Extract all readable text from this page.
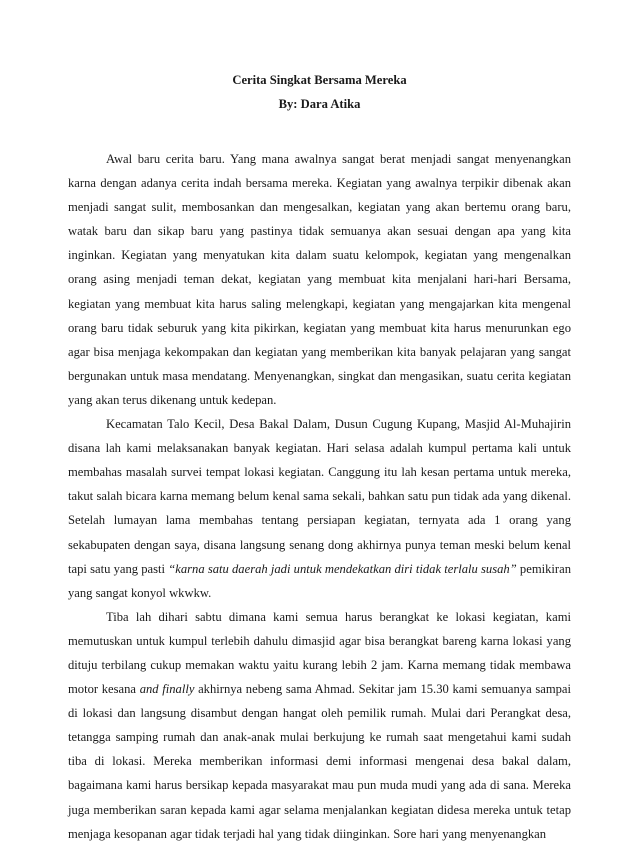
Cerita Singkat Bersama Mereka

By: Dara Atika

Awal baru cerita baru. Yang mana awalnya sangat berat menjadi sangat menyenangkan karna dengan adanya cerita indah bersama mereka. Kegiatan yang awalnya terpikir dibenak akan menjadi sangat sulit, membosankan dan mengesalkan, kegiatan yang akan bertemu orang baru, watak baru dan sikap baru yang pastinya tidak semuanya akan sesuai dengan apa yang kita inginkan. Kegiatan yang menyatukan kita dalam suatu kelompok, kegiatan yang mengenalkan orang asing menjadi teman dekat, kegiatan yang membuat kita menjalani hari-hari Bersama, kegiatan yang membuat kita harus saling melengkapi, kegiatan yang mengajarkan kita mengenal orang baru tidak seburuk yang kita pikirkan, kegiatan yang membuat kita harus menurunkan ego agar bisa menjaga kekompakan dan kegiatan yang memberikan kita banyak pelajaran yang sangat bergunakan untuk masa mendatang. Menyenangkan, singkat dan mengasikan, suatu cerita kegiatan yang akan terus dikenang untuk kedepan.

Kecamatan Talo Kecil, Desa Bakal Dalam, Dusun Cugung Kupang, Masjid Al-Muhajirin disana lah kami melaksanakan banyak kegiatan. Hari selasa adalah kumpul pertama kali untuk membahas masalah survei tempat lokasi kegiatan. Canggung itu lah kesan pertama untuk mereka, takut salah bicara karna memang belum kenal sama sekali, bahkan satu pun tidak ada yang dikenal. Setelah lumayan lama membahas tentang persiapan kegiatan, ternyata ada 1 orang yang sekabupaten dengan saya, disana langsung senang dong akhirnya punya teman meski belum kenal tapi satu yang pasti “karna satu daerah jadi untuk mendekatkan diri tidak terlalu susah” pemikiran yang sangat konyol wkwkw.

Tiba lah dihari sabtu dimana kami semua harus berangkat ke lokasi kegiatan, kami memutuskan untuk kumpul terlebih dahulu dimasjid agar bisa berangkat bareng karna lokasi yang dituju terbilang cukup memakan waktu yaitu kurang lebih 2 jam. Karna memang tidak membawa motor kesana and finally akhirnya nebeng sama Ahmad. Sekitar jam 15.30 kami semuanya sampai di lokasi dan langsung disambut dengan hangat oleh pemilik rumah. Mulai dari Perangkat desa, tetangga samping rumah dan anak-anak mulai berkujung ke rumah saat mengetahui kami sudah tiba di lokasi. Mereka memberikan informasi demi informasi mengenai desa bakal dalam, bagaimana kami harus bersikap kepada masyarakat mau pun muda mudi yang ada di sana. Mereka juga memberikan saran kepada kami agar selama menjalankan kegiatan didesa mereka untuk tetap menjaga kesopanan agar tidak terjadi hal yang tidak diinginkan. Sore hari yang menyenangkan
